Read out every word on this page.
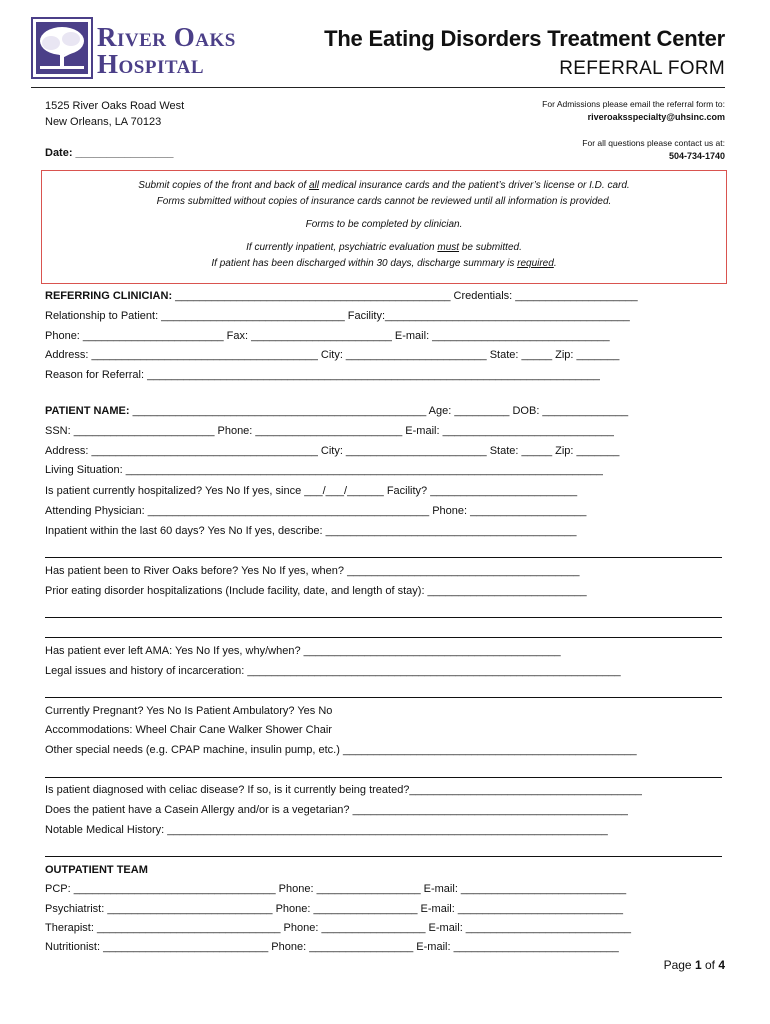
River Oaks
Hospital
The Eating Disorders Treatment Center
REFERRAL FORM
1525 River Oaks Road West
New Orleans, LA 70123
Date: ________________
For Admissions please email the referral form to:
riveroaksspecialty@uhsinc.com
For all questions please contact us at:
504-734-1740
Submit copies of the front and back of all medical insurance cards and the patient’s driver’s license or I.D. card.
Forms submitted without copies of insurance cards cannot be reviewed until all information is provided.
Forms to be completed by clinician.
If currently inpatient, psychiatric evaluation must be submitted.
If patient has been discharged within 30 days, discharge summary is required.
REFERRING CLINICIAN: _____________________________________________ Credentials: ____________________
Relationship to Patient: ______________________________ Facility:________________________________________
Phone: _______________________ Fax: _______________________ E-mail: _____________________________
Address: _____________________________________ City: _______________________ State: _____ Zip: _______
Reason for Referral: __________________________________________________________________________
PATIENT NAME: ________________________________________________ Age: _________ DOB: ______________
SSN: _______________________ Phone: ________________________ E-mail: ____________________________
Address: _____________________________________ City: _______________________ State: _____ Zip: _______
Living Situation: ______________________________________________________________________________
Is patient currently hospitalized? Yes No If yes, since ___/___/______ Facility? ________________________
Attending Physician: ______________________________________________ Phone: ___________________
Inpatient within the last 60 days? Yes No If yes, describe: _________________________________________
Has patient been to River Oaks before? Yes No If yes, when? ______________________________________
Prior eating disorder hospitalizations (Include facility, date, and length of stay): __________________________
Has patient ever left AMA: Yes No If yes, why/when? __________________________________________
Legal issues and history of incarceration: _____________________________________________________________
Currently Pregnant? Yes No Is Patient Ambulatory? Yes No
Accommodations: Wheel Chair Cane Walker Shower Chair
Other special needs (e.g. CPAP machine, insulin pump, etc.) ________________________________________________
Is patient diagnosed with celiac disease? If so, is it currently being treated?______________________________________
Does the patient have a Casein Allergy and/or is a vegetarian? _____________________________________________
Notable Medical History: ________________________________________________________________________
OUTPATIENT TEAM
PCP: _________________________________ Phone: _________________ E-mail: ___________________________
Psychiatrist: ___________________________ Phone: _________________ E-mail: ___________________________
Therapist: ______________________________ Phone: _________________ E-mail: ___________________________
Nutritionist: ___________________________ Phone: _________________ E-mail: ___________________________
Page 1 of 4
